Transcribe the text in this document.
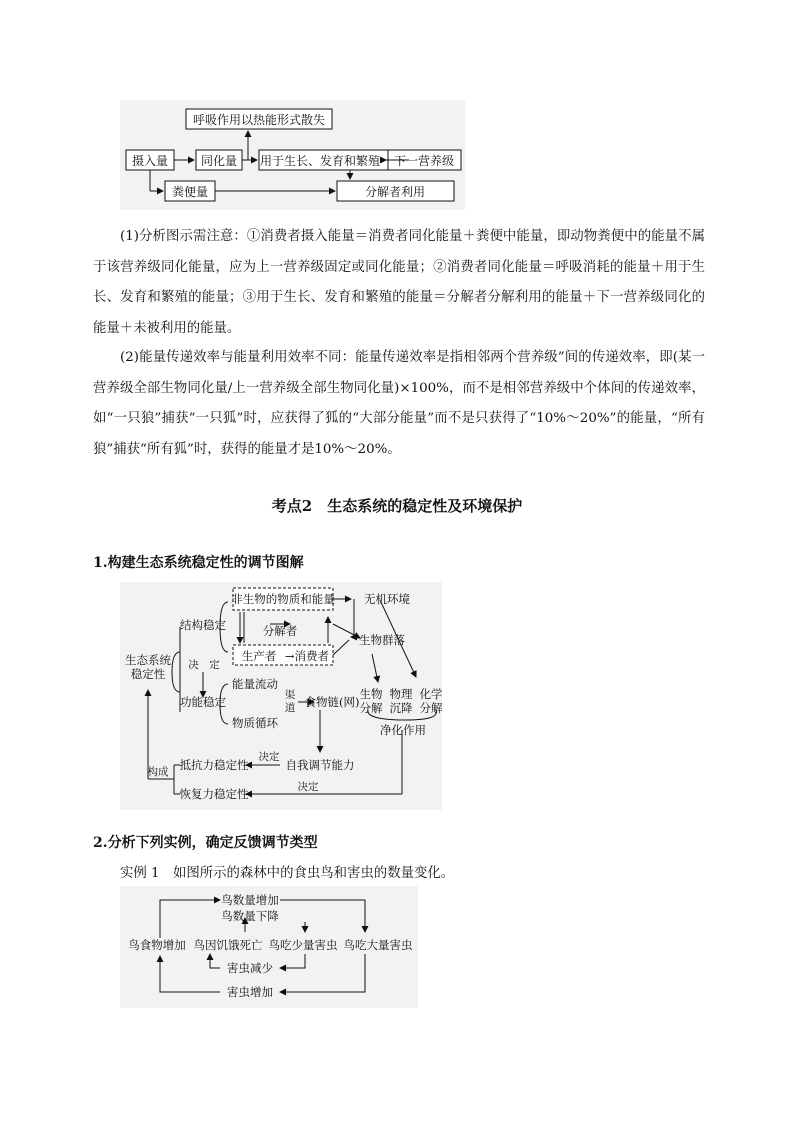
呼吸作用以热能形式散失
摄入量	同化量 用于生长、发育和繁殖 下一营养级
粪便量	分解者利用

(1)分析图示需注意：①消费者摄入能量＝消费者同化能量＋粪便中能量，即动物粪便中的能量不属于该营养级同化能量，应为上一营养级固定或同化能量；②消费者同化能量＝呼吸消耗的能量＋用于生长、发育和繁殖的能量；③用于生长、发育和繁殖的能量＝分解者分解利用的能量＋下一营养级同化的能量＋未被利用的能量。

(2)能量传递效率与能量利用效率不同：能量传递效率是指相邻两个营养级”间的传递效率，即(某一营养级全部生物同化量/上一营养级全部生物同化量)×100%，而不是相邻营养级中个体间的传递效率，如“一只狼”捕获“一只狐”时，应获得了狐的“大部分能量”而不是只获得了“10%～20%”的能量，“所有狼”捕获“所有狐”时，获得的能量才是10%～20%。

考点2　生态系统的稳定性及环境保护
1.构建生态系统稳定性的调节图解
非生物的物质和能量	无机环境
分解者
生物群落
生产者 →消费者
结构稳定
生态系统稳定性
决　定
能量流动
功能稳定	渠道 食物链(网)
物质循环
生物分解
物理沉降
化学分解
净化作用
构成 抵抗力稳定性
决定
自我调节能力
恢复力稳定性	决定
2.分析下列实例，确定反馈调节类型

实例 1　如图所示的森林中的食虫鸟和害虫的数量变化。

鸟数量增加
鸟数量下降
鸟食物增加 鸟因饥饿死亡 鸟吃少量害虫 鸟吃大量害虫
害虫减少
害虫增加
